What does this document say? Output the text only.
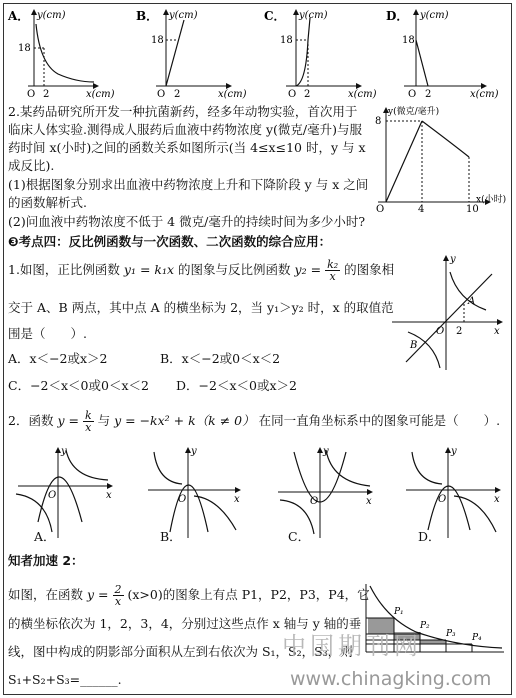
A． y(cm)
18
O 2	x(cm)
B． y(cm)
18
O 2	x(cm)
C． y(cm)
18
O 2	x(cm)
D． y(cm)
18
O 2	x(cm)
2.某药品研究所开发一种抗菌新药，经多年动物实验，首次用于
临床人体实验.测得成人服药后血液中药物浓度 y(微克/毫升)与服
药时间 x(小时)之间的函数关系如图所示(当 4≤x≤10 时，y 与 x
成反比).
(1)根据图象分别求出血液中药物浓度上升和下降阶段 y 与 x 之间
的函数解析式.
(2)问血液中药物浓度不低于 4 微克/毫升的持续时间为多少小时?
y(微克/毫升)
8
O	4	10
x(小时)
❸考点四：反比例函数与一次函数、二次函数的综合应用：
1.如图，正比例函数 y₁ = k₁x 的图象与反比例函数 $y_2 = \frac{\text{k₂}}{x}$ 的图象相
交于 A、B 两点，其中点 A 的横坐标为 2，当 y₁＞y₂ 时，x 的取值范
围是（　　）.
A．x＜−2或x＞2	B．x＜−2或0＜x＜2
C．−2＜x＜0或0＜x＜2 D．−2＜x＜0或x＞2
y
x
O 2
A
B
2．函数 $y = \frac{k}{x}$ 与 y = −kx² + k（k ≠ 0） 在同一直角坐标系中的图象可能是（　　）.
y
x
O
y
x
O
y
x
O
y
x
O
A．	B．	C．	D．
知者加速 2：
如图，在函数 $y = \frac{2}{x} (x>0)$的图象上有点 P1，P2，P3，P4，它
的横坐标依次为 1，2，3，4，分别过这些点作 x 轴与 y 轴的垂
线，图中构成的阴影部分面积从左到右依次为 S₁，S₂，S₃，则
S₁+S₂+S₃=______.
P₁
P₂
P₃ P₄
中国期刊网
www.chinagking.com
